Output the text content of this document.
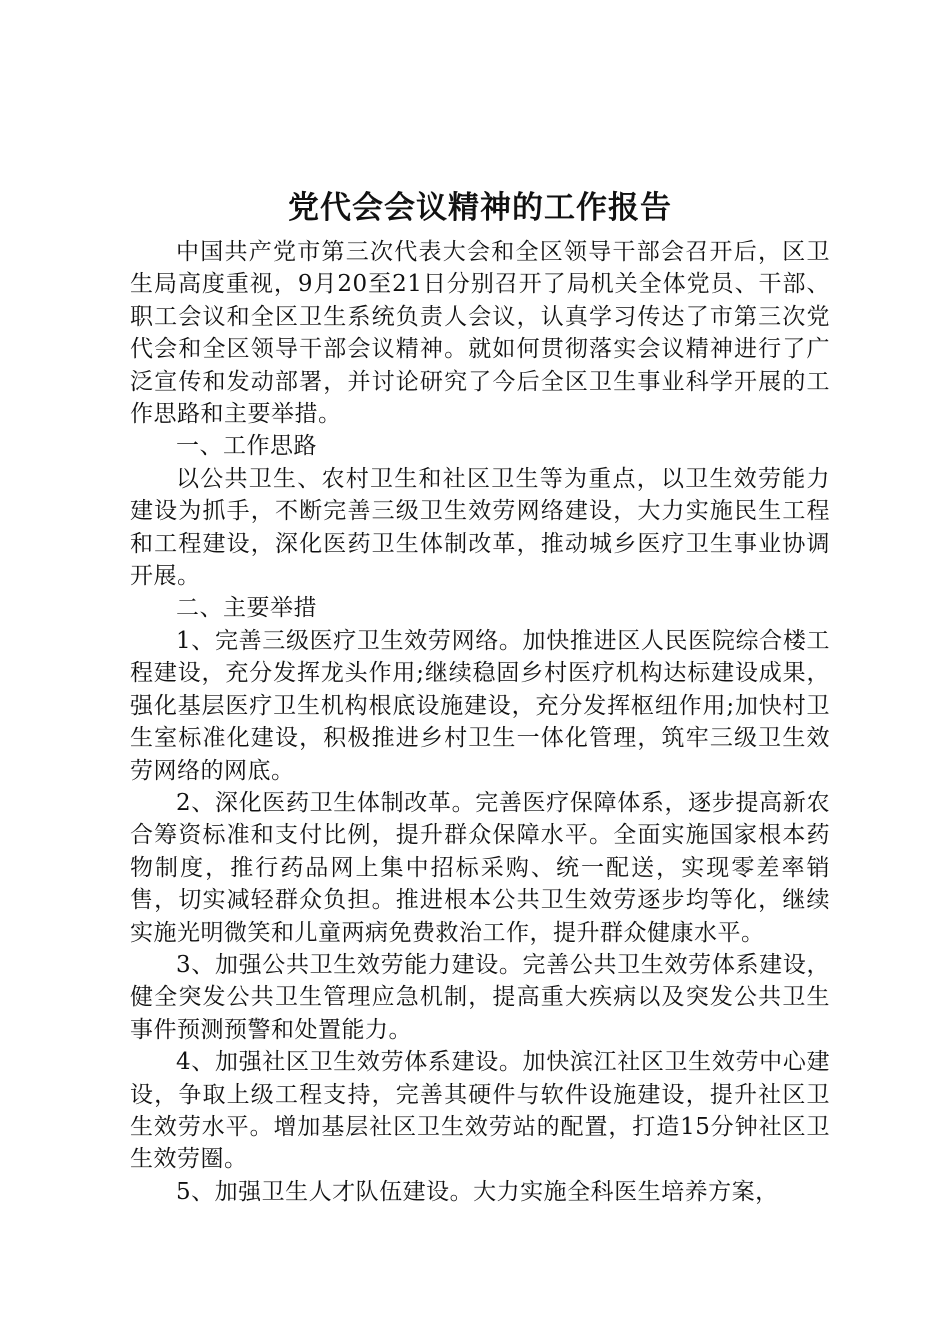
党代会会议精神的工作报告

中国共产党市第三次代表大会和全区领导干部会召开后，区卫生局高度重视，9月20至21日分别召开了局机关全体党员、干部、职工会议和全区卫生系统负责人会议，认真学习传达了市第三次党代会和全区领导干部会议精神。就如何贯彻落实会议精神进行了广泛宣传和发动部署，并讨论研究了今后全区卫生事业科学开展的工作思路和主要举措。

一、工作思路

以公共卫生、农村卫生和社区卫生等为重点，以卫生效劳能力建设为抓手，不断完善三级卫生效劳网络建设，大力实施民生工程和工程建设，深化医药卫生体制改革，推动城乡医疗卫生事业协调开展。

二、主要举措

1、完善三级医疗卫生效劳网络。加快推进区人民医院综合楼工程建设，充分发挥龙头作用;继续稳固乡村医疗机构达标建设成果，强化基层医疗卫生机构根底设施建设，充分发挥枢纽作用;加快村卫生室标准化建设，积极推进乡村卫生一体化管理，筑牢三级卫生效劳网络的网底。

2、深化医药卫生体制改革。完善医疗保障体系，逐步提高新农合筹资标准和支付比例，提升群众保障水平。全面实施国家根本药物制度，推行药品网上集中招标采购、统一配送，实现零差率销售，切实减轻群众负担。推进根本公共卫生效劳逐步均等化，继续实施光明微笑和儿童两病免费救治工作，提升群众健康水平。

3、加强公共卫生效劳能力建设。完善公共卫生效劳体系建设，健全突发公共卫生管理应急机制，提高重大疾病以及突发公共卫生事件预测预警和处置能力。

4、加强社区卫生效劳体系建设。加快滨江社区卫生效劳中心建设，争取上级工程支持，完善其硬件与软件设施建设，提升社区卫生效劳水平。增加基层社区卫生效劳站的配置，打造15分钟社区卫生效劳圈。

5、加强卫生人才队伍建设。大力实施全科医生培养方案，
